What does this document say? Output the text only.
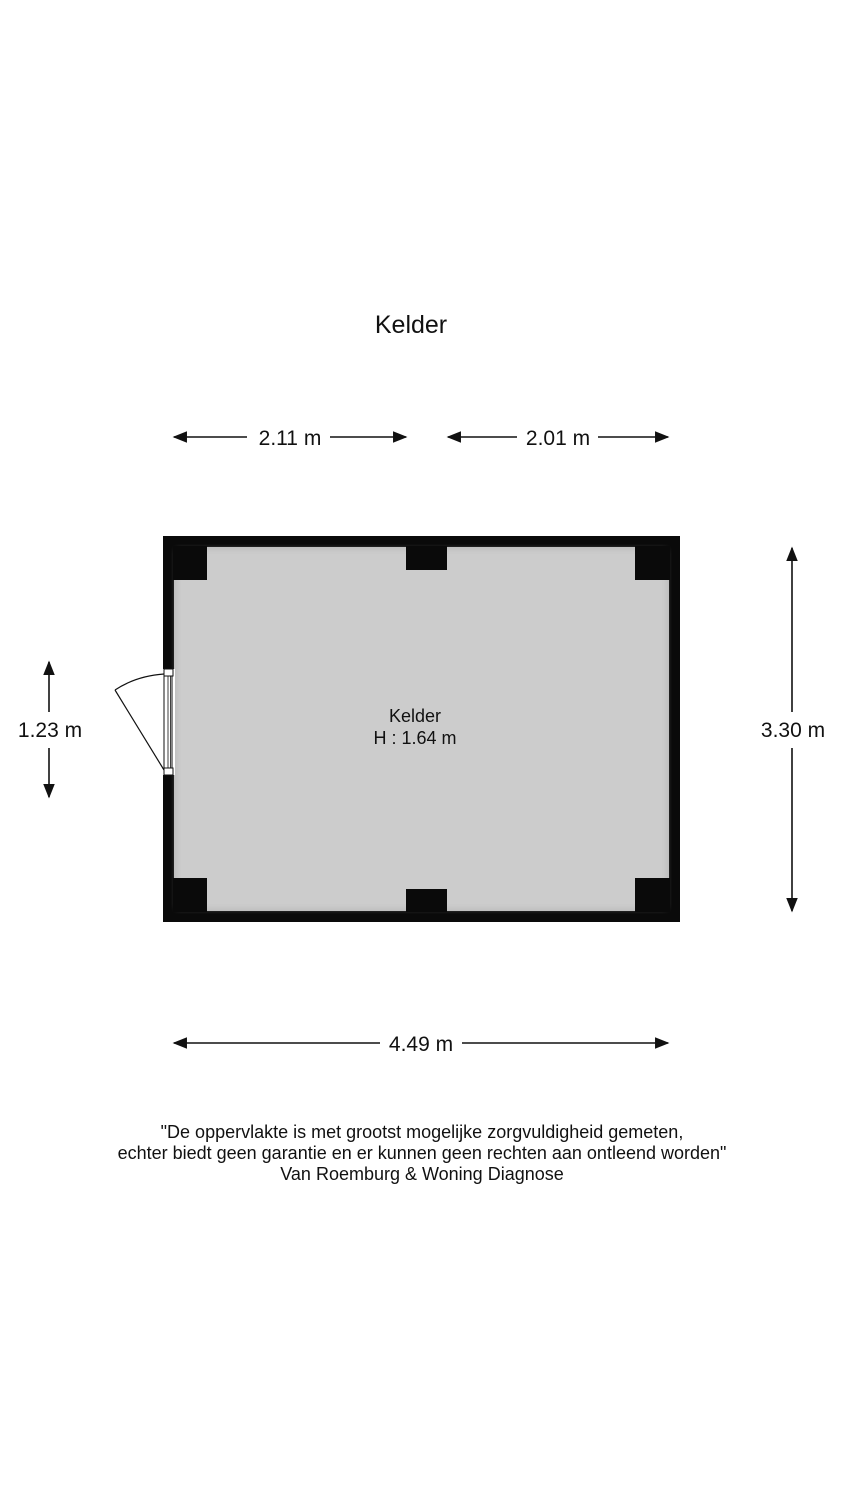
Kelder
2.11 m	2.01 m
3.30 m
1.23 m
4.49 m
Kelder
H : 1.64 m
"De oppervlakte is met grootst mogelijke zorgvuldigheid gemeten,
echter biedt geen garantie en er kunnen geen rechten aan ontleend worden"
Van Roemburg & Woning Diagnose
